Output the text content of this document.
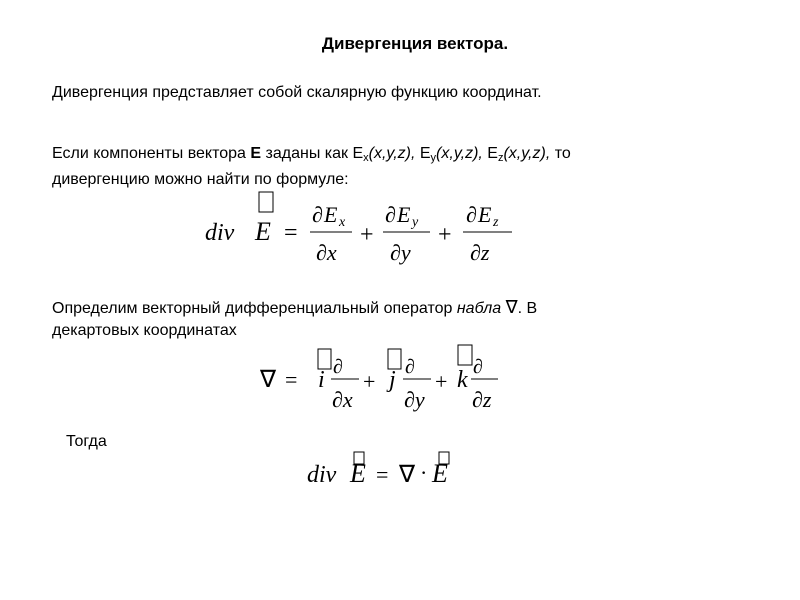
Дивергенция вектора.
Дивергенция представляет собой скалярную функцию координат.
Если компоненты вектора E заданы как $E_x(x,y,z)$, $E_y(x,y,z)$, $E_z(x,y,z)$, то
дивергенцию можно найти по формуле:
div E =
∂ E x
∂x
+
∂ E y
∂y
+
∂ E z
∂z
Определим векторный дифференциальный оператор набла ∇. В
декартовых координатах
∇ = i ∂
∂x
+ j ∂
∂y
+ k ∂
∂z
Тогда
div E = ∇ · E
